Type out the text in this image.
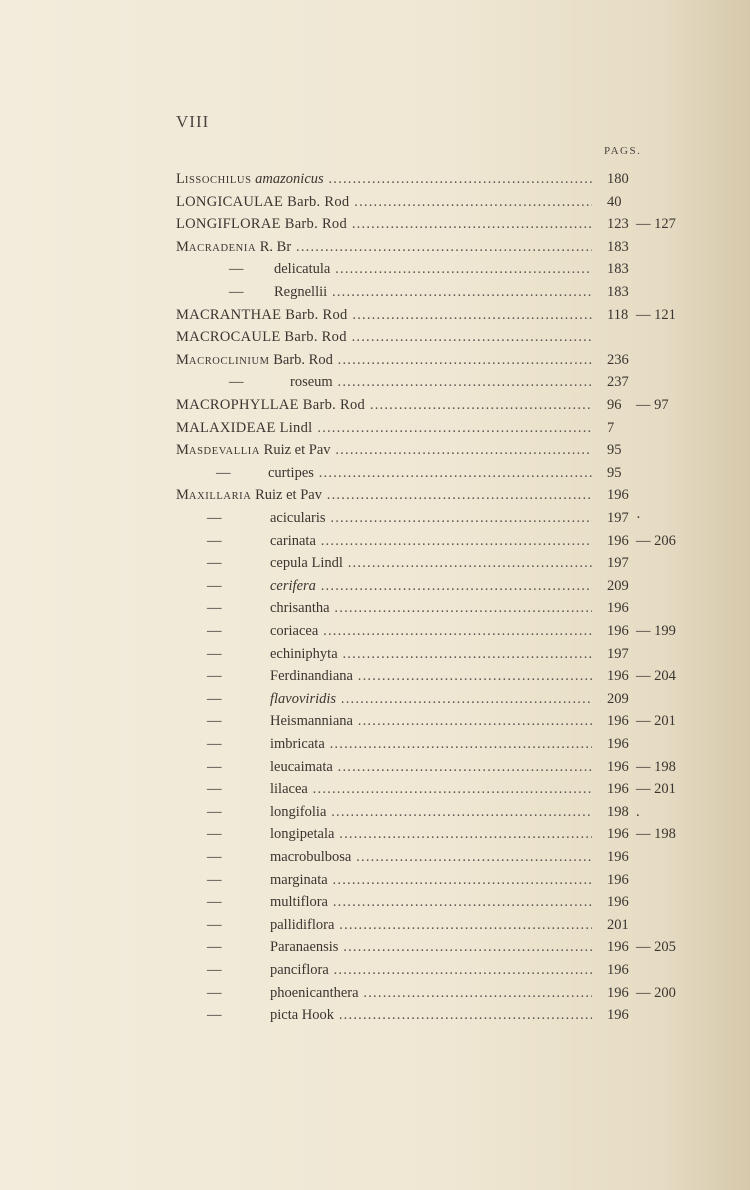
VIII
PAGS.
LISSOCHILUS amazonicus .....	180
LONGICAULAE Barb. Rod .....	40
LONGIFLORAE Barb. Rod .....	123 — 127
MACRADENIA R. Br .....	183
— delicatula .....	183
— Regnellii .....	183
MACRANTHAE Barb. Rod .....	118 — 121
MACROCAULE Barb. Rod .....
MACROCLINIUM Barb. Rod .....	236
—	roseum .....	237
MACROPHYLLAE Barb. Rod .....	96 — 97
MALAXIDEAE Lindl .....	7
MASDEVALLIA Ruiz et Pav .....	95
—	curtipes .....	95
MAXILLARIA Ruiz et Pav .....	196
—	acicularis .....	197 ·
—	carinata .....	196 — 206
—	cepula Lindl .....	197
—	cerifera .....	209
—	chrisantha .....	196
—	coriacea .....	196 — 199
—	echiniphyta .....	197
—	Ferdinandiana .....	196 — 204
—	flavoviridis .....	209
—	Heismanniana .....	196 — 201
—	imbricata .....	196
—	leucaimata .....	196 — 198
—	lilacea .....	196 — 201
—	longifolia .....	198 .
—	longipetala .....	196 — 198
—	macrobulbosa .....	196
—	marginata .....	196
—	multiflora .....	196
—	pallidiflora .....	201
—	Paranaensis .....	196 — 205
—	panciflora .....	196
—	phoenicanthera .....	196 — 200
—	picta Hook .....	196
